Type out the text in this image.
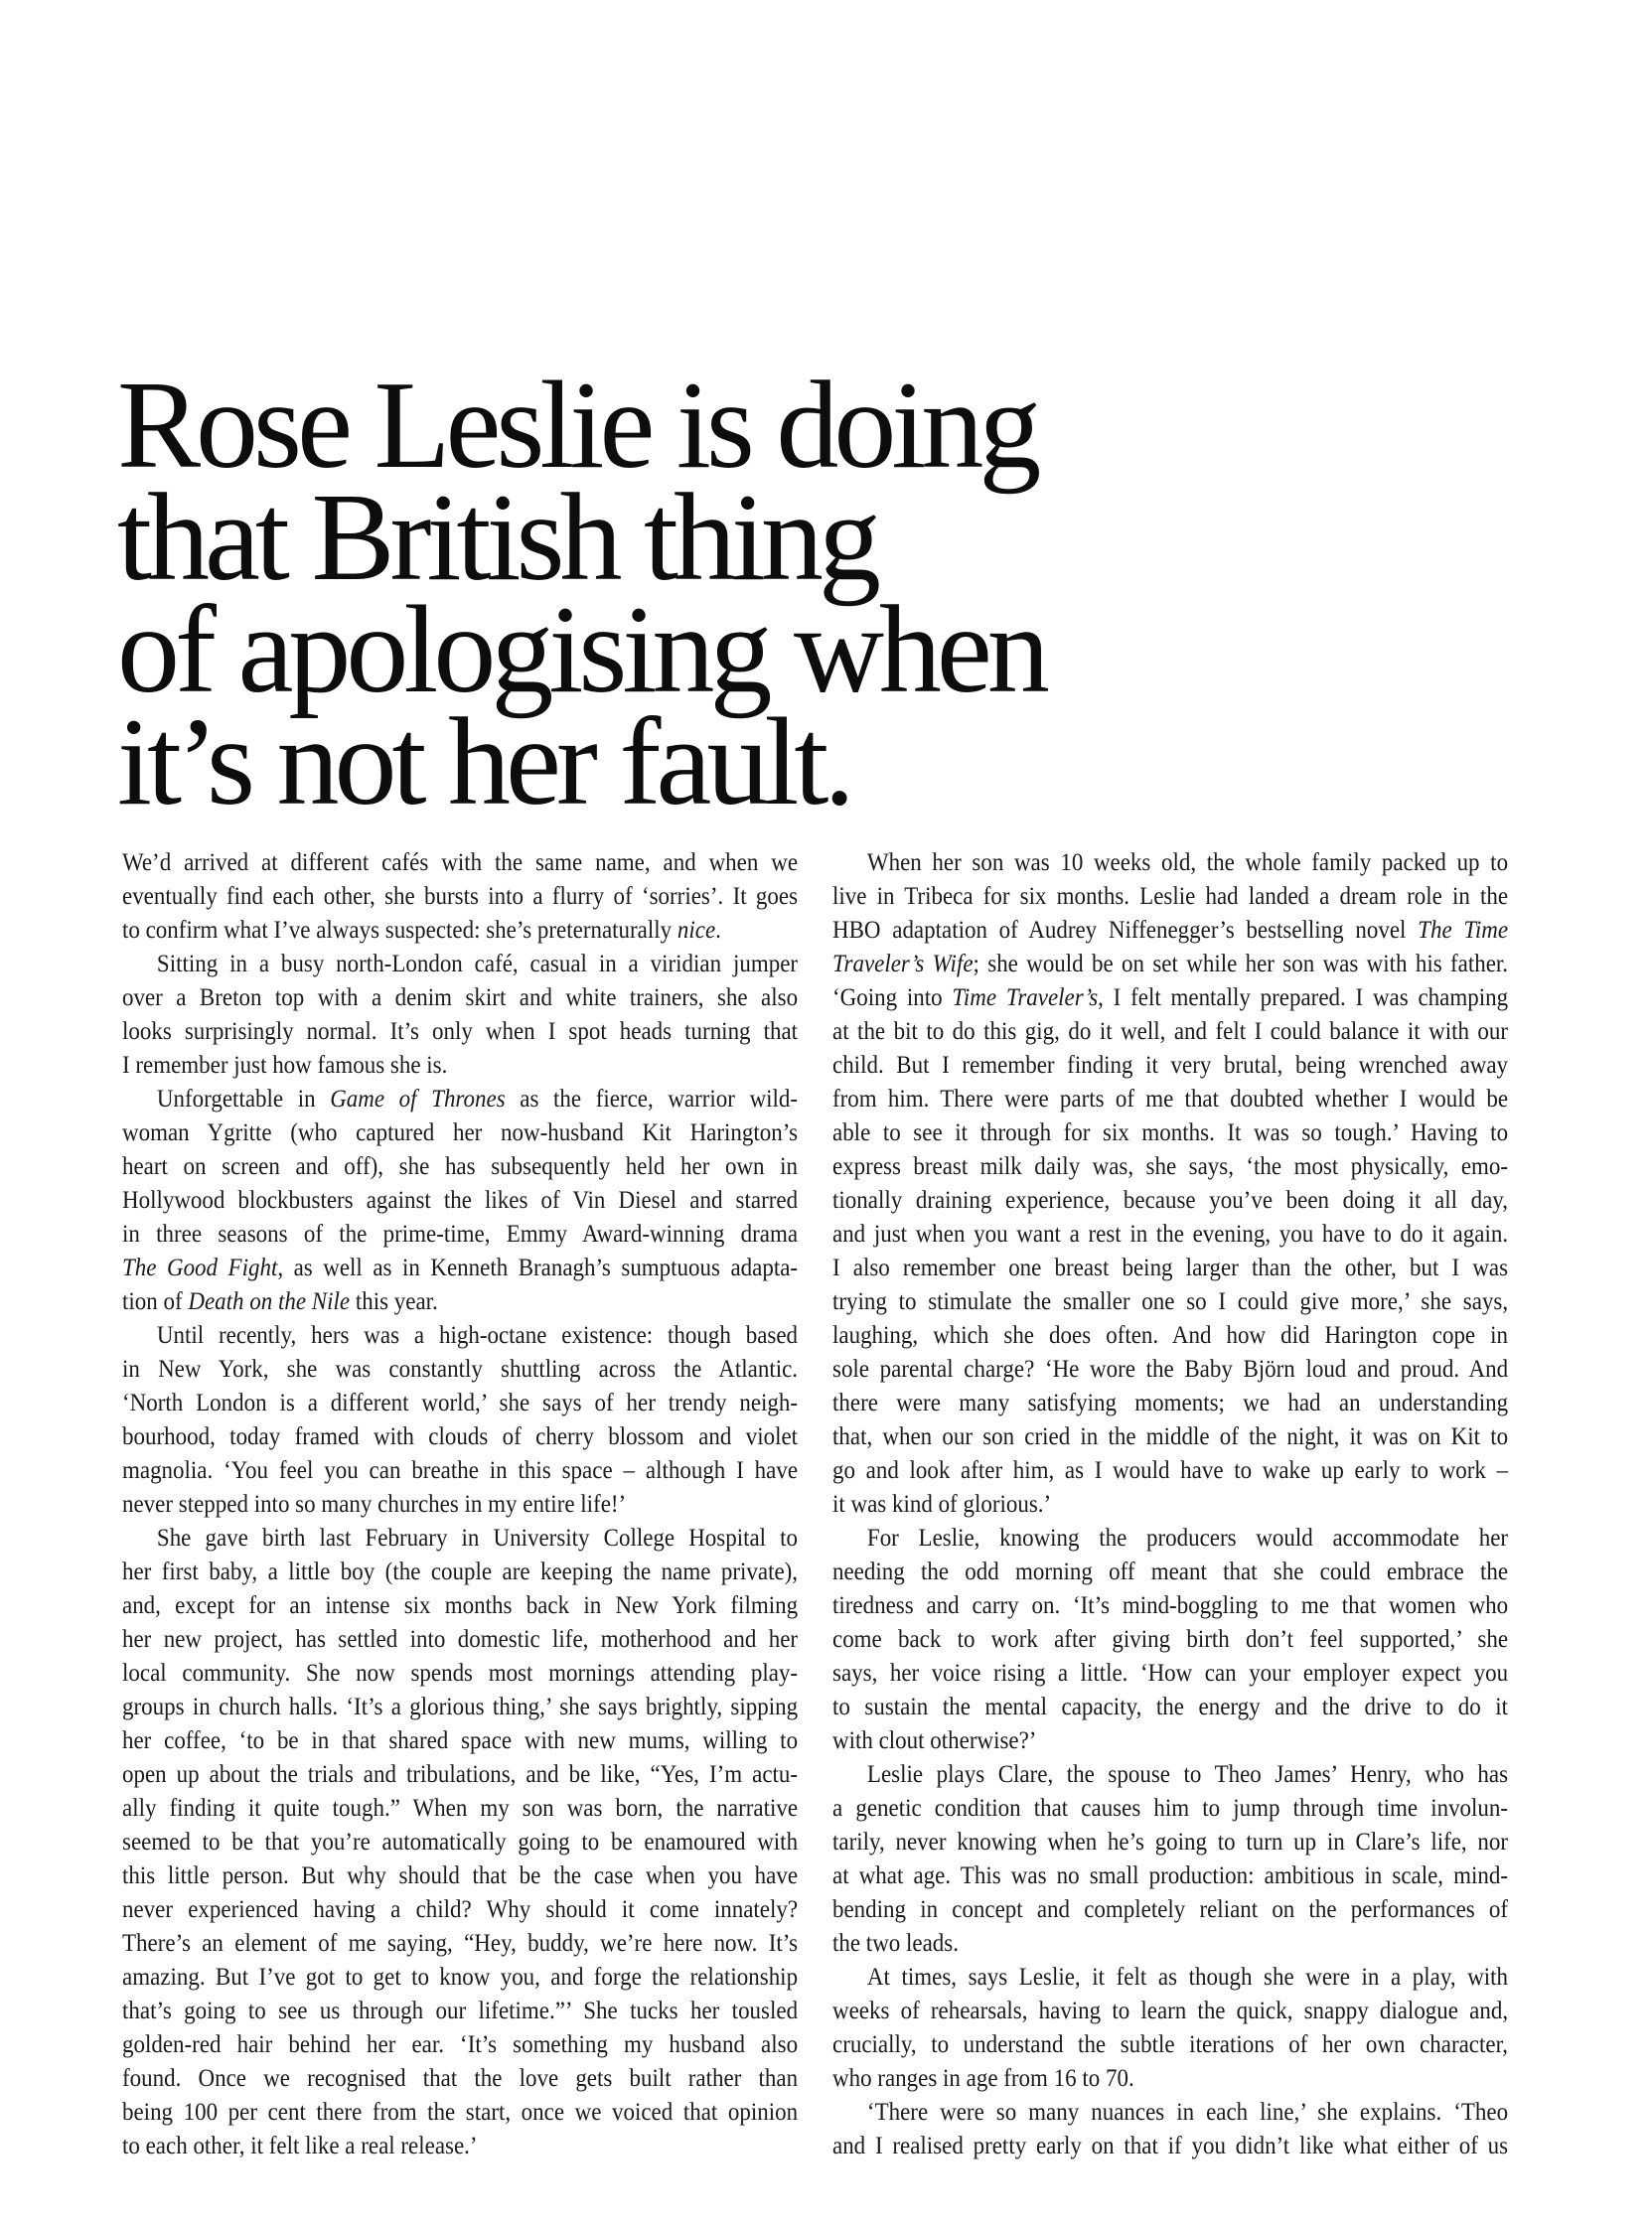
Rose Leslie is doing
that British thing
of apologising when
it’s not her fault.
We’d arrived at different cafés with the same name, and when we
eventually find each other, she bursts into a flurry of ‘sorries’. It goes
to confirm what I’ve always suspected: she’s preternaturally nice.
Sitting in a busy north-London café, casual in a viridian jumper
over a Breton top with a denim skirt and white trainers, she also
looks surprisingly normal. It’s only when I spot heads turning that
I remember just how famous she is.
Unforgettable in Game of Thrones as the fierce, warrior wild-
woman Ygritte (who captured her now-husband Kit Harington’s
heart on screen and off), she has subsequently held her own in
Hollywood blockbusters against the likes of Vin Diesel and starred
in three seasons of the prime-time, Emmy Award-winning drama
The Good Fight, as well as in Kenneth Branagh’s sumptuous adapta-
tion of Death on the Nile this year.
Until recently, hers was a high-octane existence: though based
in New York, she was constantly shuttling across the Atlantic.
‘North London is a different world,’ she says of her trendy neigh-
bourhood, today framed with clouds of cherry blossom and violet
magnolia. ‘You feel you can breathe in this space – although I have
never stepped into so many churches in my entire life!’
She gave birth last February in University College Hospital to
her first baby, a little boy (the couple are keeping the name private),
and, except for an intense six months back in New York filming
her new project, has settled into domestic life, motherhood and her
local community. She now spends most mornings attending play-
groups in church halls. ‘It’s a glorious thing,’ she says brightly, sipping
her coffee, ‘to be in that shared space with new mums, willing to
open up about the trials and tribulations, and be like, “Yes, I’m actu-
ally finding it quite tough.” When my son was born, the narrative
seemed to be that you’re automatically going to be enamoured with
this little person. But why should that be the case when you have
never experienced having a child? Why should it come innately?
There’s an element of me saying, “Hey, buddy, we’re here now. It’s
amazing. But I’ve got to get to know you, and forge the relationship
that’s going to see us through our lifetime.”’ She tucks her tousled
golden-red hair behind her ear. ‘It’s something my husband also
found. Once we recognised that the love gets built rather than
being 100 per cent there from the start, once we voiced that opinion
to each other, it felt like a real release.’
When her son was 10 weeks old, the whole family packed up to
live in Tribeca for six months. Leslie had landed a dream role in the
HBO adaptation of Audrey Niffenegger’s bestselling novel The Time
Traveler’s Wife; she would be on set while her son was with his father.
‘Going into Time Traveler’s, I felt mentally prepared. I was champing
at the bit to do this gig, do it well, and felt I could balance it with our
child. But I remember finding it very brutal, being wrenched away
from him. There were parts of me that doubted whether I would be
able to see it through for six months. It was so tough.’ Having to
express breast milk daily was, she says, ‘the most physically, emo-
tionally draining experience, because you’ve been doing it all day,
and just when you want a rest in the evening, you have to do it again.
I also remember one breast being larger than the other, but I was
trying to stimulate the smaller one so I could give more,’ she says,
laughing, which she does often. And how did Harington cope in
sole parental charge? ‘He wore the Baby Björn loud and proud. And
there were many satisfying moments; we had an understanding
that, when our son cried in the middle of the night, it was on Kit to
go and look after him, as I would have to wake up early to work –
it was kind of glorious.’
For Leslie, knowing the producers would accommodate her
needing the odd morning off meant that she could embrace the
tiredness and carry on. ‘It’s mind-boggling to me that women who
come back to work after giving birth don’t feel supported,’ she
says, her voice rising a little. ‘How can your employer expect you
to sustain the mental capacity, the energy and the drive to do it
with clout otherwise?’
Leslie plays Clare, the spouse to Theo James’ Henry, who has
a genetic condition that causes him to jump through time involun-
tarily, never knowing when he’s going to turn up in Clare’s life, nor
at what age. This was no small production: ambitious in scale, mind-
bending in concept and completely reliant on the performances of
the two leads.
At times, says Leslie, it felt as though she were in a play, with
weeks of rehearsals, having to learn the quick, snappy dialogue and,
crucially, to understand the subtle iterations of her own character,
who ranges in age from 16 to 70.
‘There were so many nuances in each line,’ she explains. ‘Theo
and I realised pretty early on that if you didn’t like what either of us
